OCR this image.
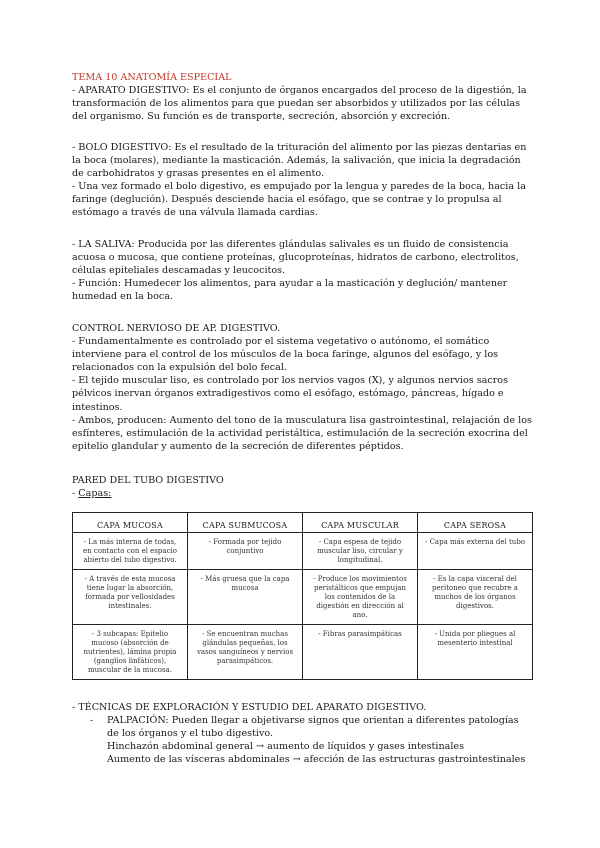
TEMA 10 ANATOMÍA ESPECIAL

- APARATO DIGESTIVO: Es el conjunto de órganos encargados del proceso de la digestión, la transformación de los alimentos para que puedan ser absorbidos y utilizados por las células del organismo. Su función es de transporte, secreción, absorción y excreción.

- BOLO DIGESTIVO: Es el resultado de la trituración del alimento por las piezas dentarias en la boca (molares), mediante la masticación. Además, la salivación, que inicia la degradación de carbohidratos y grasas presentes en el alimento.

- Una vez formado el bolo digestivo, es empujado por la lengua y paredes de la boca, hacia la faringe (deglución). Después desciende hacia el esófago, que se contrae y lo propulsa al estómago a través de una válvula llamada cardias.

- LA SALIVA: Producida por las diferentes glándulas salivales es un fluido de consistencia acuosa o mucosa, que contiene proteínas, glucoproteínas, hidratos de carbono, electrolitos, células epiteliales descamadas y leucocitos.

- Función: Humedecer los alimentos, para ayudar a la masticación y deglución/ mantener humedad en la boca.

CONTROL NERVIOSO DE AP. DIGESTIVO.

- Fundamentalmente es controlado por el sistema vegetativo o autónomo, el somático interviene para el control de los músculos de la boca faringe, algunos del esófago, y los relacionados con la expulsión del bolo fecal.

- El tejido muscular liso, es controlado por los nervios vagos (X), y algunos nervios sacros pélvicos inervan órganos extradigestivos como el esófago, estómago, páncreas, hígado e intestinos.

- Ambos, producen: Aumento del tono de la musculatura lisa gastrointestinal, relajación de los esfínteres, estimulación de la actividad peristáltica, estimulación de la secreción exocrina del epitelio glandular y aumento de la secreción de diferentes péptidos.

PARED DEL TUBO DIGESTIVO

- Capas:

CAPA MUCOSA	CAPA SUBMUCOSA	CAPA MUSCULAR	CAPA SEROSA
- La más interna de todas, en contacto con el espacio abierto del tubo digestivo.	- Formada por tejido conjuntivo	- Capa espesa de tejido muscular liso, circular y longitudinal.	- Capa más externa del tubo
- A través de esta mucosa tiene lugar la absorción, formada por vellosidades intestinales.	- Más gruesa que la capa mucosa	- Produce los movimientos peristálticos que empujan los contenidos de la digestión en dirección al ano.	- Es la capa visceral del peritoneo que recubre a muchos de los órganos digestivos.
- 3 subcapas: Epitelio mucoso (absorción de nutrientes), lámina propia (ganglios linfáticos), muscular de la mucosa.	- Se encuentran muchas glándulas pequeñas, los vasos sanguíneos y nervios parasimpáticos.	- Fibras parasimpáticas	- Unida por pliegues al mesenterio intestinal

- TÉCNICAS DE EXPLORACIÓN Y ESTUDIO DEL APARATO DIGESTIVO.

- PALPACIÓN: Pueden llegar a objetivarse signos que orientan a diferentes patologías de los órganos y el tubo digestivo.

Hinchazón abdominal general → aumento de líquidos y gases intestinales

Aumento de las vísceras abdominales → afección de las estructuras gastrointestinales
